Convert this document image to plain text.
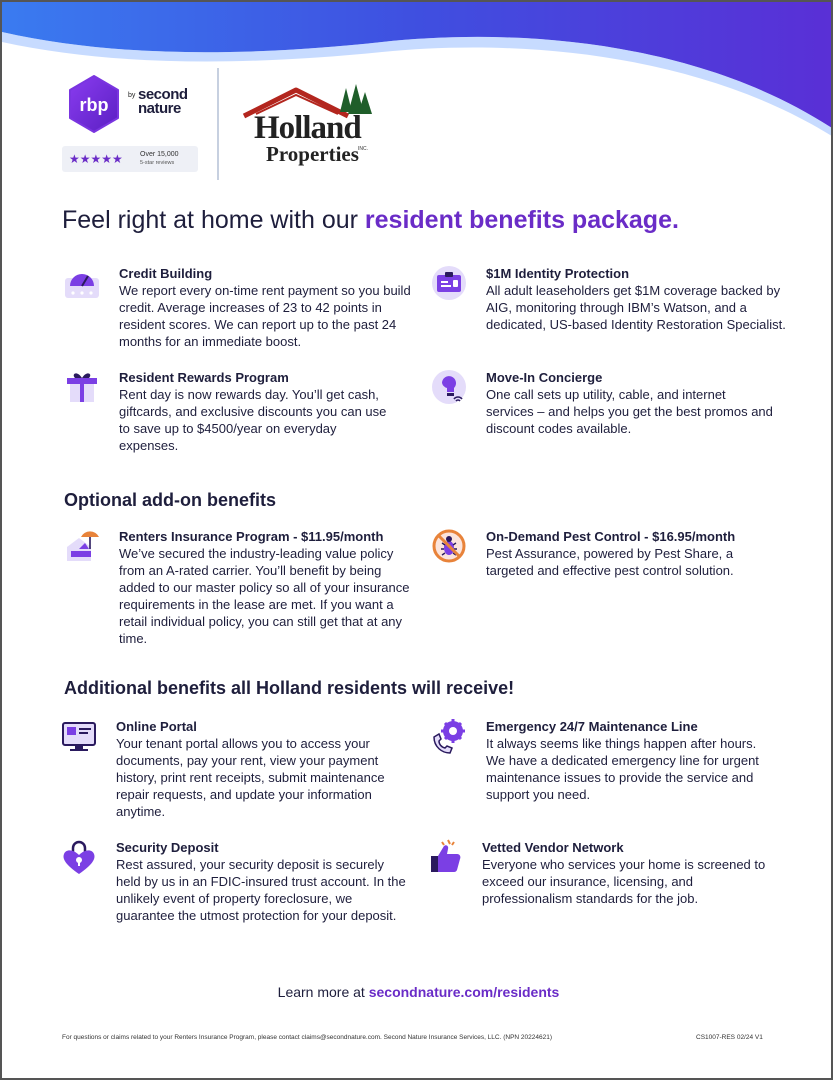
rbp	by second nature
★★★★★ Over 15,000
5-star reviews
Holland
Properties INC.
Feel right at home with our resident benefits package.
Credit Building
We report every on-time rent payment so you build credit. Average increases of 23 to 42 points in resident scores. We can report up to the past 24 months for an immediate boost.
$1M Identity Protection
All adult leaseholders get $1M coverage backed by AIG, monitoring through IBM’s Watson, and a dedicated, US-based Identity Restoration Specialist.
Resident Rewards Program
Rent day is now rewards day. You’ll get cash, giftcards, and exclusive discounts you can use to save up to $4500/year on everyday expenses.
Move-In Concierge
One call sets up utility, cable, and internet services – and helps you get the best promos and discount codes available.
Optional add-on benefits
Renters Insurance Program - $11.95/month
We’ve secured the industry-leading value policy from an A-rated carrier. You’ll benefit by being added to our master policy so all of your insurance requirements in the lease are met. If you want a retail individual policy, you can still get that at any time.
On-Demand Pest Control - $16.95/month
Pest Assurance, powered by Pest Share, a targeted and effective pest control solution.
Additional benefits all Holland residents will receive!
Online Portal
Your tenant portal allows you to access your documents, pay your rent, view your payment history, print rent receipts, submit maintenance repair requests, and update your information anytime.
Emergency 24/7 Maintenance Line
It always seems like things happen after hours. We have a dedicated emergency line for urgent maintenance issues to provide the service and support you need.
Security Deposit
Rest assured, your security deposit is securely held by us in an FDIC-insured trust account. In the unlikely event of property foreclosure, we guarantee the utmost protection for your deposit.
Vetted Vendor Network
Everyone who services your home is screened to exceed our insurance, licensing, and professionalism standards for the job.
Learn more at secondnature.com/residents
For questions or claims related to your Renters Insurance Program, please contact claims@secondnature.com. Second Nature Insurance Services, LLC. (NPN 20224621)	CS1007-RES 02/24 V1
